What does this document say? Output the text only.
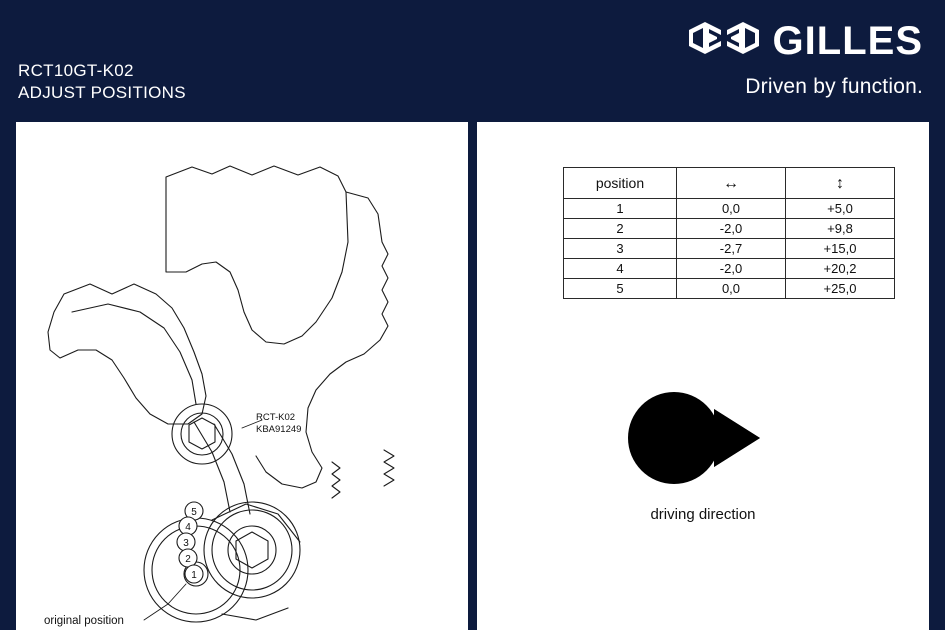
RCT10GT-K02
ADJUST POSITIONS
GILLES
Driven by function.
5
4
3
2
1
RCT-K02
KBA91249
original position
position	↔	↕
1	0,0	+5,0
2	-2,0	+9,8
3	-2,7	+15,0
4	-2,0	+20,2
5	0,0	+25,0
driving direction
